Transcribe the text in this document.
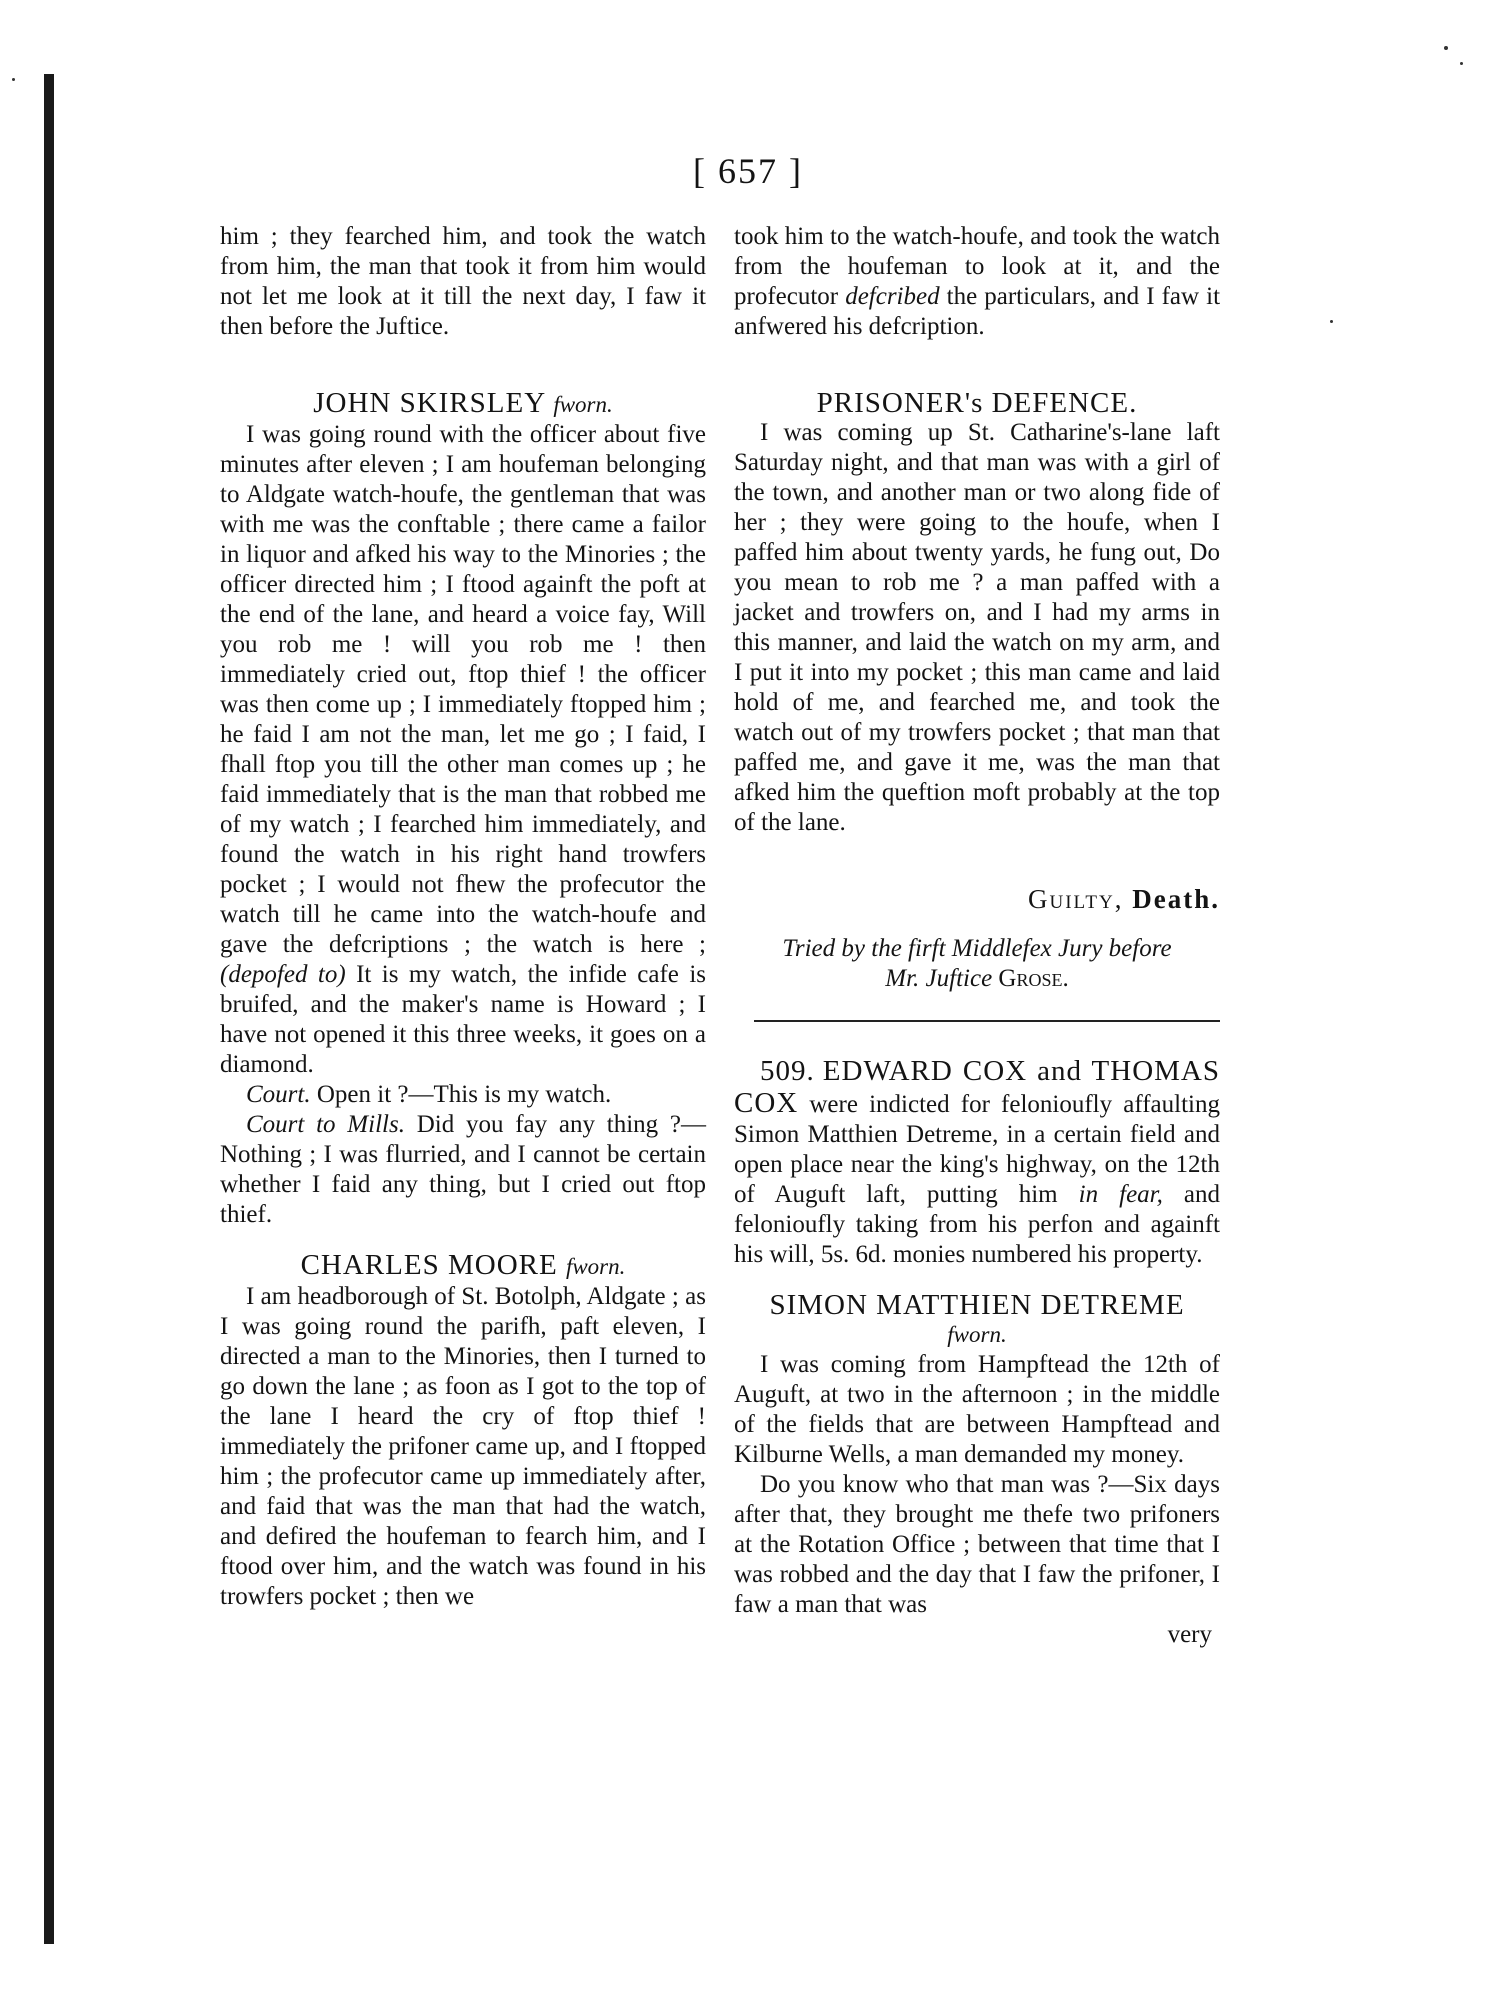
[ 657 ]

him ; they fearched him, and took the watch from him, the man that took it from him would not let me look at it till the next day, I faw it then before the Juftice.

JOHN SKIRSLEY fworn.

I was going round with the officer about five minutes after eleven ; I am houfeman belonging to Aldgate watch-houfe, the gentleman that was with me was the conftable ; there came a failor in liquor and afked his way to the Minories ; the officer directed him ; I ftood againft the poft at the end of the lane, and heard a voice fay, Will you rob me ! will you rob me ! then immediately cried out, ftop thief ! the officer was then come up ; I immediately ftopped him ; he faid I am not the man, let me go ; I faid, I fhall ftop you till the other man comes up ; he faid immediately that is the man that robbed me of my watch ; I fearched him immediately, and found the watch in his right hand trowfers pocket ; I would not fhew the profecutor the watch till he came into the watch-houfe and gave the defcriptions ; the watch is here ; (depofed to) It is my watch, the infide cafe is bruifed, and the maker's name is Howard ; I have not opened it this three weeks, it goes on a diamond.

Court. Open it ?—This is my watch.

Court to Mills. Did you fay any thing ?—Nothing ; I was flurried, and I cannot be certain whether I faid any thing, but I cried out ftop thief.

CHARLES MOORE fworn.

I am headborough of St. Botolph, Aldgate ; as I was going round the parifh, paft eleven, I directed a man to the Minories, then I turned to go down the lane ; as foon as I got to the top of the lane I heard the cry of ftop thief ! immediately the prifoner came up, and I ftopped him ; the profecutor came up immediately after, and faid that was the man that had the watch, and defired the houfeman to fearch him, and I ftood over him, and the watch was found in his trowfers pocket ; then we

took him to the watch-houfe, and took the watch from the houfeman to look at it, and the profecutor defcribed the particulars, and I faw it anfwered his defcription.

PRISONER's DEFENCE.

I was coming up St. Catharine's-lane laft Saturday night, and that man was with a girl of the town, and another man or two along fide of her ; they were going to the houfe, when I paffed him about twenty yards, he fung out, Do you mean to rob me ? a man paffed with a jacket and trowfers on, and I had my arms in this manner, and laid the watch on my arm, and I put it into my pocket ; this man came and laid hold of me, and fearched me, and took the watch out of my trowfers pocket ; that man that paffed me, and gave it me, was the man that afked him the queftion moft probably at the top of the lane.

Guilty, Death.
Tried by the firft Middlefex Jury before
Mr. Juftice Grose.

509. EDWARD COX and THOMAS COX were indicted for felonioufly affaulting Simon Matthien Detreme, in a certain field and open place near the king's highway, on the 12th of Auguft laft, putting him in fear, and felonioufly taking from his perfon and againft his will, 5s. 6d. monies numbered his property.

SIMON MATTHIEN DETREME
fworn.

I was coming from Hampftead the 12th of Auguft, at two in the afternoon ; in the middle of the fields that are between Hampftead and Kilburne Wells, a man demanded my money.

Do you know who that man was ?—Six days after that, they brought me thefe two prifoners at the Rotation Office ; between that time that I was robbed and the day that I faw the prifoner, I faw a man that was

very
